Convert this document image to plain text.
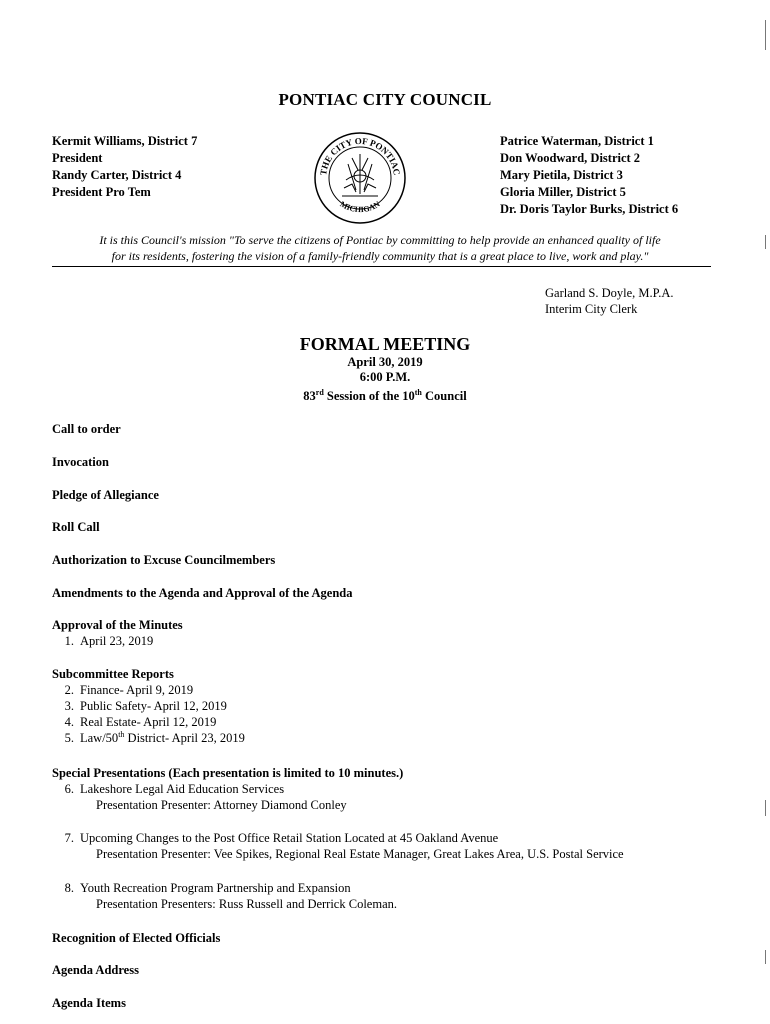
PONTIAC CITY COUNCIL
Kermit Williams, District 7
President
Randy Carter, District 4
President Pro Tem
THE CITY OF PONTIAC
MICHIGAN
Patrice Waterman, District 1
Don Woodward, District 2
Mary Pietila, District 3
Gloria Miller, District 5
Dr. Doris Taylor Burks, District 6
It is this Council's mission "To serve the citizens of Pontiac by committing to help provide an enhanced quality of life
for its residents, fostering the vision of a family-friendly community that is a great place to live, work and play."
Garland S. Doyle, M.P.A.
Interim City Clerk
FORMAL MEETING
April 30, 2019
6:00 P.M.
83rd Session of the 10th Council
Call to order
Invocation
Pledge of Allegiance
Roll Call
Authorization to Excuse Councilmembers
Amendments to the Agenda and Approval of the Agenda
Approval of the Minutes
1. April 23, 2019
Subcommittee Reports
2. Finance- April 9, 2019
3. Public Safety- April 12, 2019
4. Real Estate- April 12, 2019
5. Law/50th District- April 23, 2019
Special Presentations (Each presentation is limited to 10 minutes.)
6. Lakeshore Legal Aid Education Services
Presentation Presenter: Attorney Diamond Conley
7. Upcoming Changes to the Post Office Retail Station Located at 45 Oakland Avenue
Presentation Presenter: Vee Spikes, Regional Real Estate Manager, Great Lakes Area, U.S. Postal Service
8. Youth Recreation Program Partnership and Expansion
Presentation Presenters: Russ Russell and Derrick Coleman.
Recognition of Elected Officials
Agenda Address
Agenda Items
